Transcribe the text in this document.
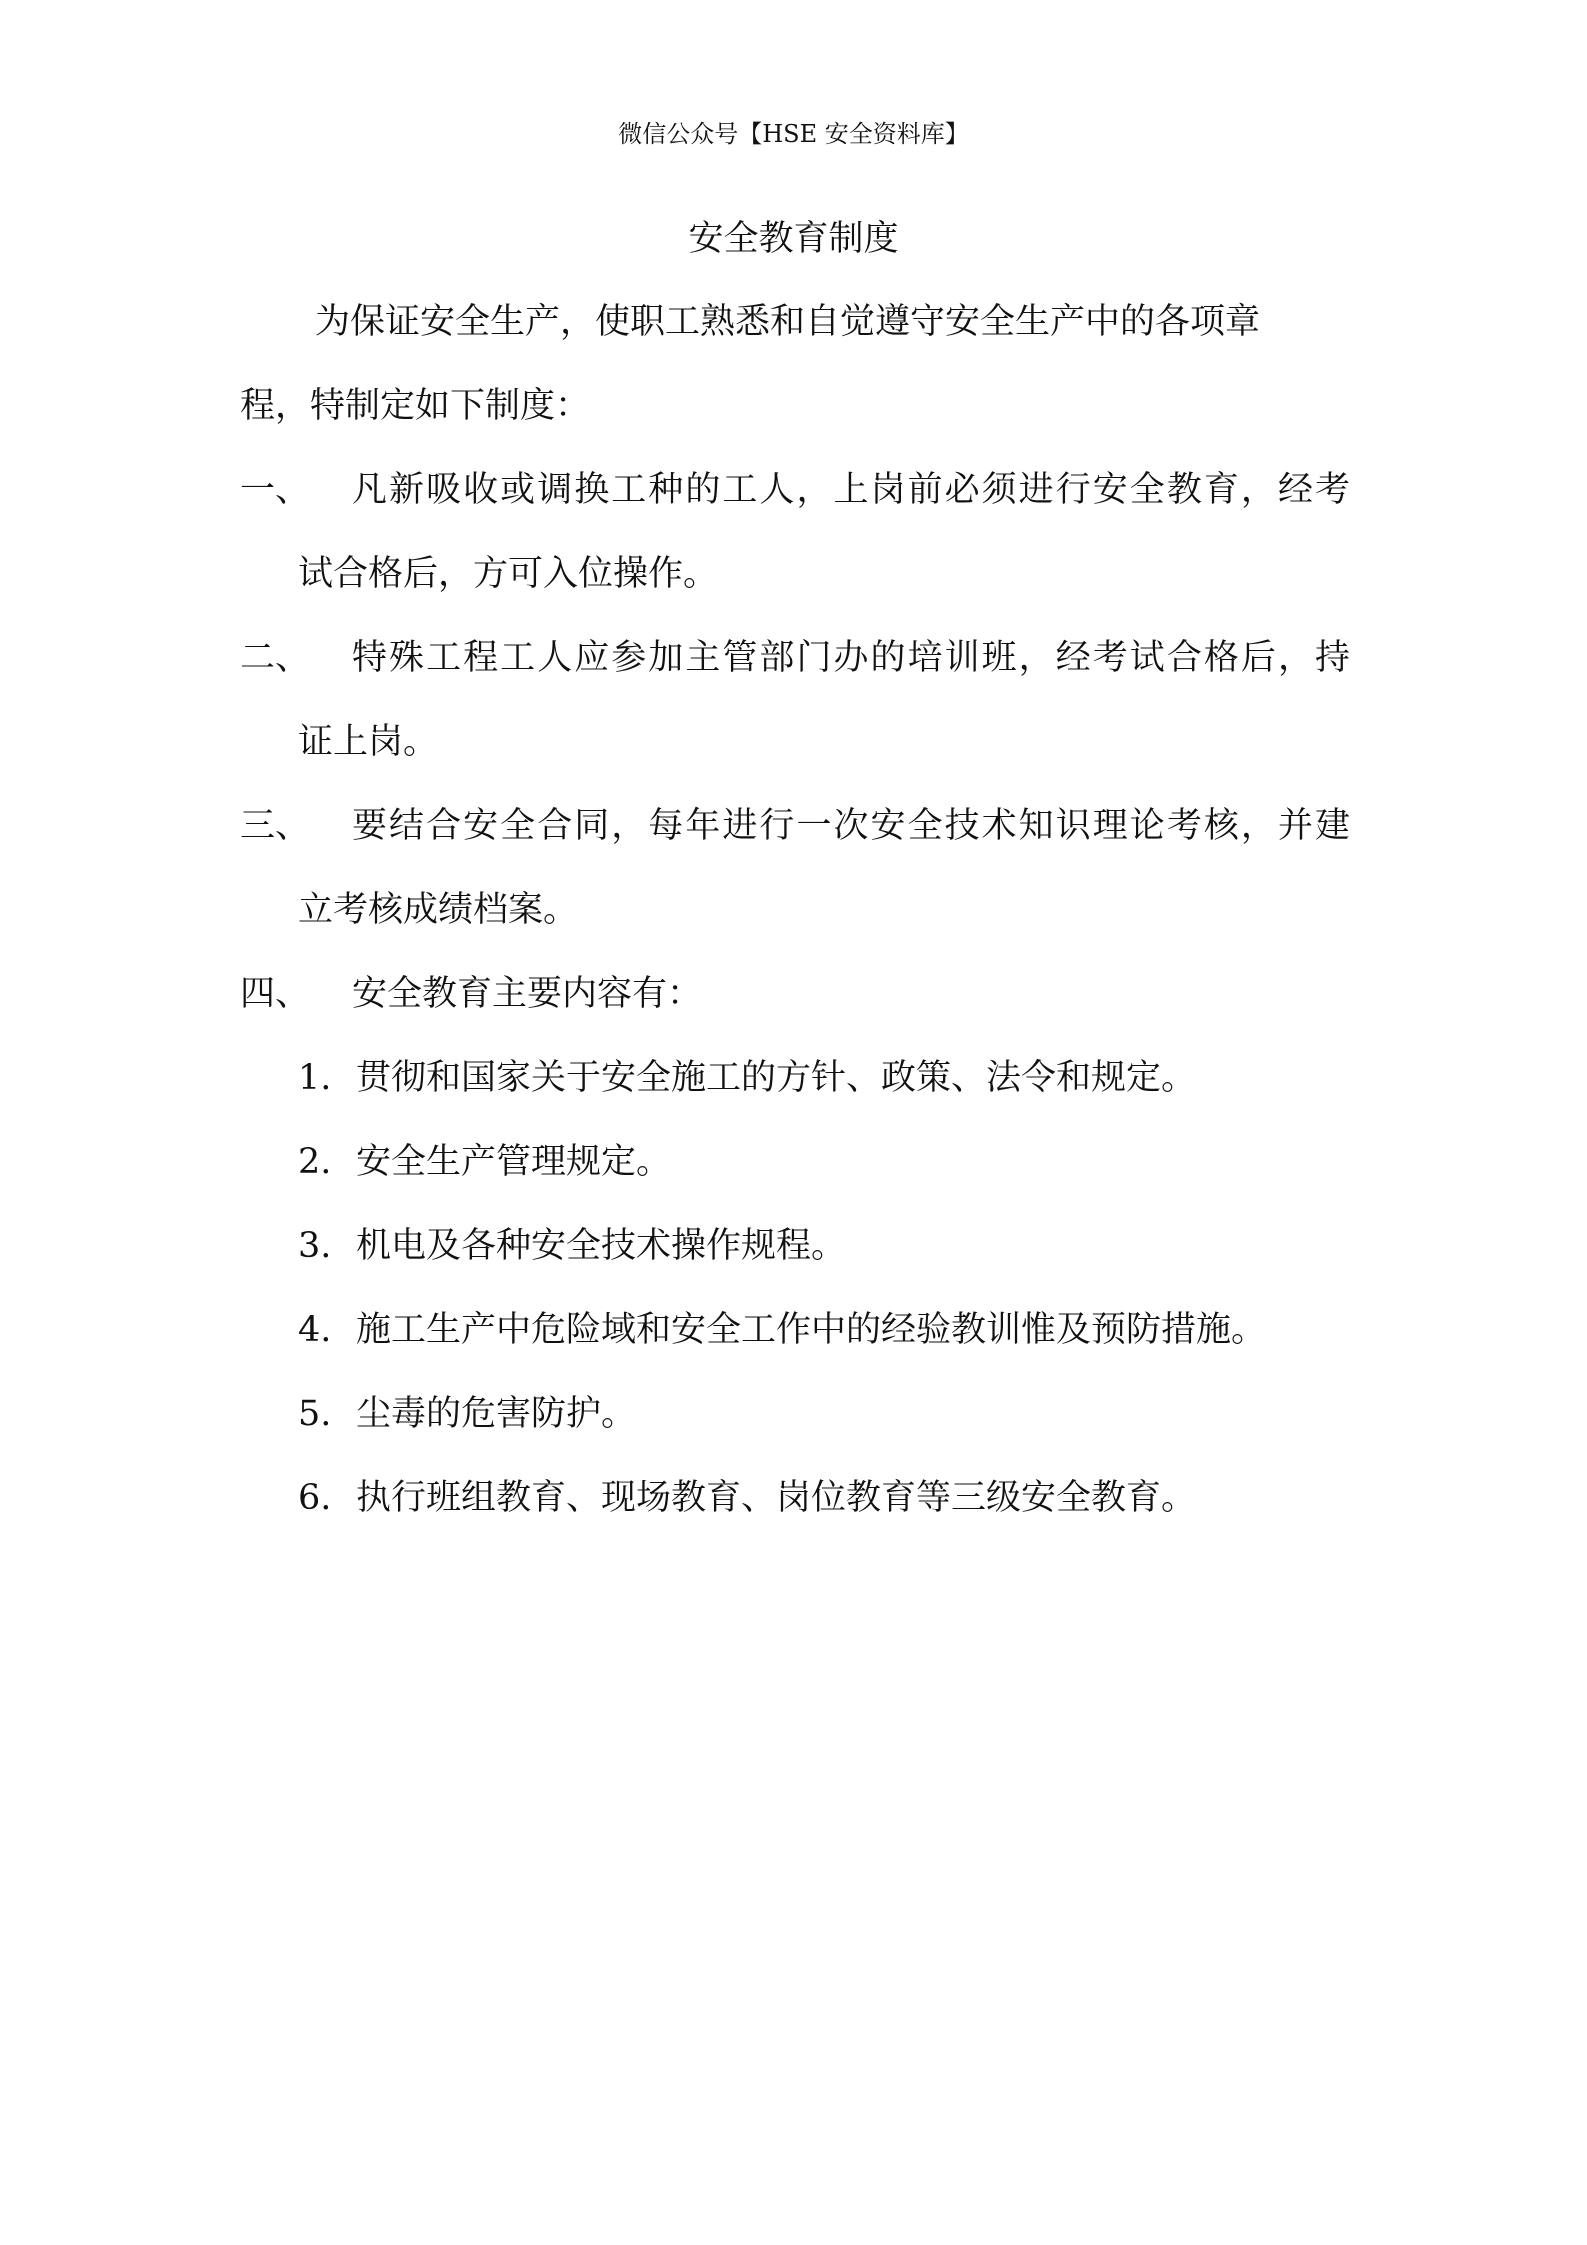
微信公众号【HSE 安全资料库】
安全教育制度
为保证安全生产，使职工熟悉和自觉遵守安全生产中的各项章
程，特制定如下制度：
一、 凡新吸收或调换工种的工人，上岗前必须进行安全教育，经考
试合格后，方可入位操作。
二、 特殊工程工人应参加主管部门办的培训班，经考试合格后，持
证上岗。
三、 要结合安全合同，每年进行一次安全技术知识理论考核，并建
立考核成绩档案。
四、 安全教育主要内容有：
1. 贯彻和国家关于安全施工的方针、政策、法令和规定。
2. 安全生产管理规定。
3. 机电及各种安全技术操作规程。
4. 施工生产中危险域和安全工作中的经验教训惟及预防措施。
5. 尘毒的危害防护。
6. 执行班组教育、现场教育、岗位教育等三级安全教育。
